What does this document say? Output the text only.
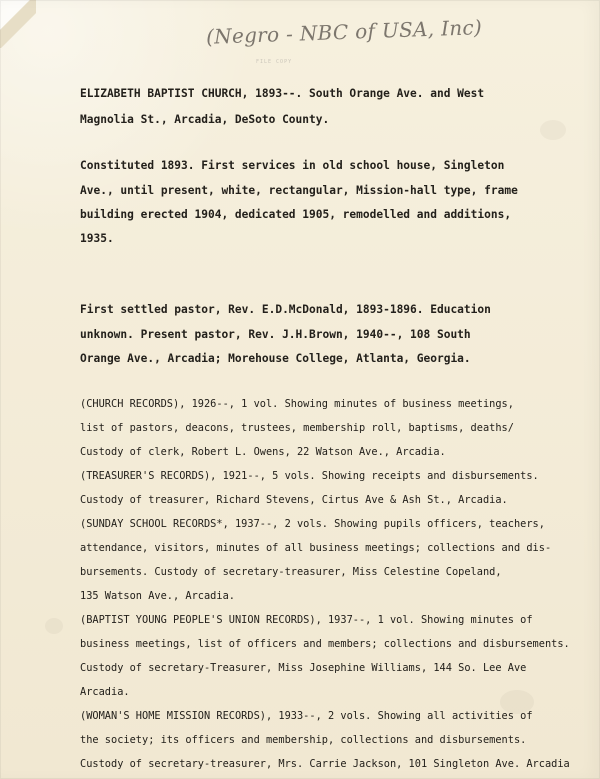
(Negro - NBC of USA, Inc)
FILE COPY
ELIZABETH BAPTIST CHURCH, 1893--. South Orange Ave. and West
Magnolia St., Arcadia, DeSoto County.
Constituted 1893. First services in old school house, Singleton
Ave., until present, white, rectangular, Mission-hall type, frame
building erected 1904, dedicated 1905, remodelled and additions,
1935.
First settled pastor, Rev. E.D.McDonald, 1893-1896. Education
unknown. Present pastor, Rev. J.H.Brown, 1940--, 108 South
Orange Ave., Arcadia; Morehouse College, Atlanta, Georgia.
(CHURCH RECORDS), 1926--, 1 vol. Showing minutes of business meetings,
list of pastors, deacons, trustees, membership roll, baptisms, deaths/
Custody of clerk, Robert L. Owens, 22 Watson Ave., Arcadia.
(TREASURER'S RECORDS), 1921--, 5 vols. Showing receipts and disbursements.
Custody of treasurer, Richard Stevens, Cirtus Ave & Ash St., Arcadia.
(SUNDAY SCHOOL RECORDS*, 1937--, 2 vols. Showing pupils officers, teachers,
attendance, visitors, minutes of all business meetings; collections and dis-
bursements. Custody of secretary-treasurer, Miss Celestine Copeland,
135 Watson Ave., Arcadia.
(BAPTIST YOUNG PEOPLE'S UNION RECORDS), 1937--, 1 vol. Showing minutes of
business meetings, list of officers and members; collections and disbursements.
Custody of secretary-Treasurer, Miss Josephine Williams, 144 So. Lee Ave
Arcadia.
(WOMAN'S HOME MISSION RECORDS), 1933--, 2 vols. Showing all activities of
the society; its officers and membership, collections and disbursements.
Custody of secretary-treasurer, Mrs. Carrie Jackson, 101 Singleton Ave. Arcadia
